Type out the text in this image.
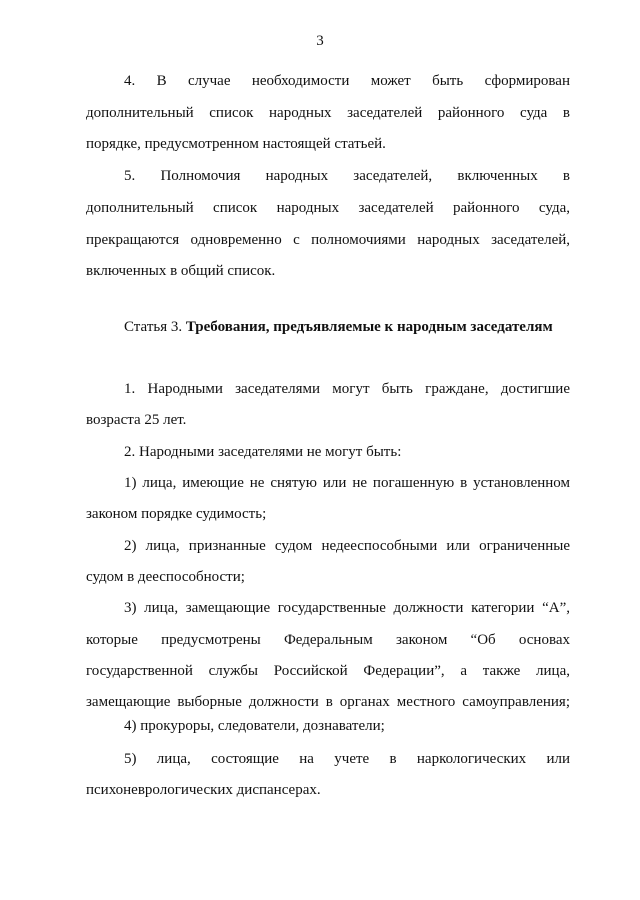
3
4. В случае необходимости может быть сформирован
дополнительный список народных заседателей районного суда в
порядке, предусмотренном настоящей статьей.
5. Полномочия народных заседателей, включенных в
дополнительный список народных заседателей районного суда,
прекращаются одновременно с полномочиями народных заседателей,
включенных в общий список.
Статья 3. Требования, предъявляемые к народным заседателям
1. Народными заседателями могут быть граждане, достигшие
возраста 25 лет.
2. Народными заседателями не могут быть:
1) лица, имеющие не снятую или не погашенную в установленном
законом порядке судимость;
2) лица, признанные судом недееспособными или ограниченные
судом в дееспособности;
3) лица, замещающие государственные должности категории “А”,
которые предусмотрены Федеральным законом “Об основах
государственной службы Российской Федерации”, а также лица,
замещающие выборные должности в органах местного самоуправления;
4) прокуроры, следователи, дознаватели;
5) лица, состоящие на учете в наркологических или
психоневрологических диспансерах.
